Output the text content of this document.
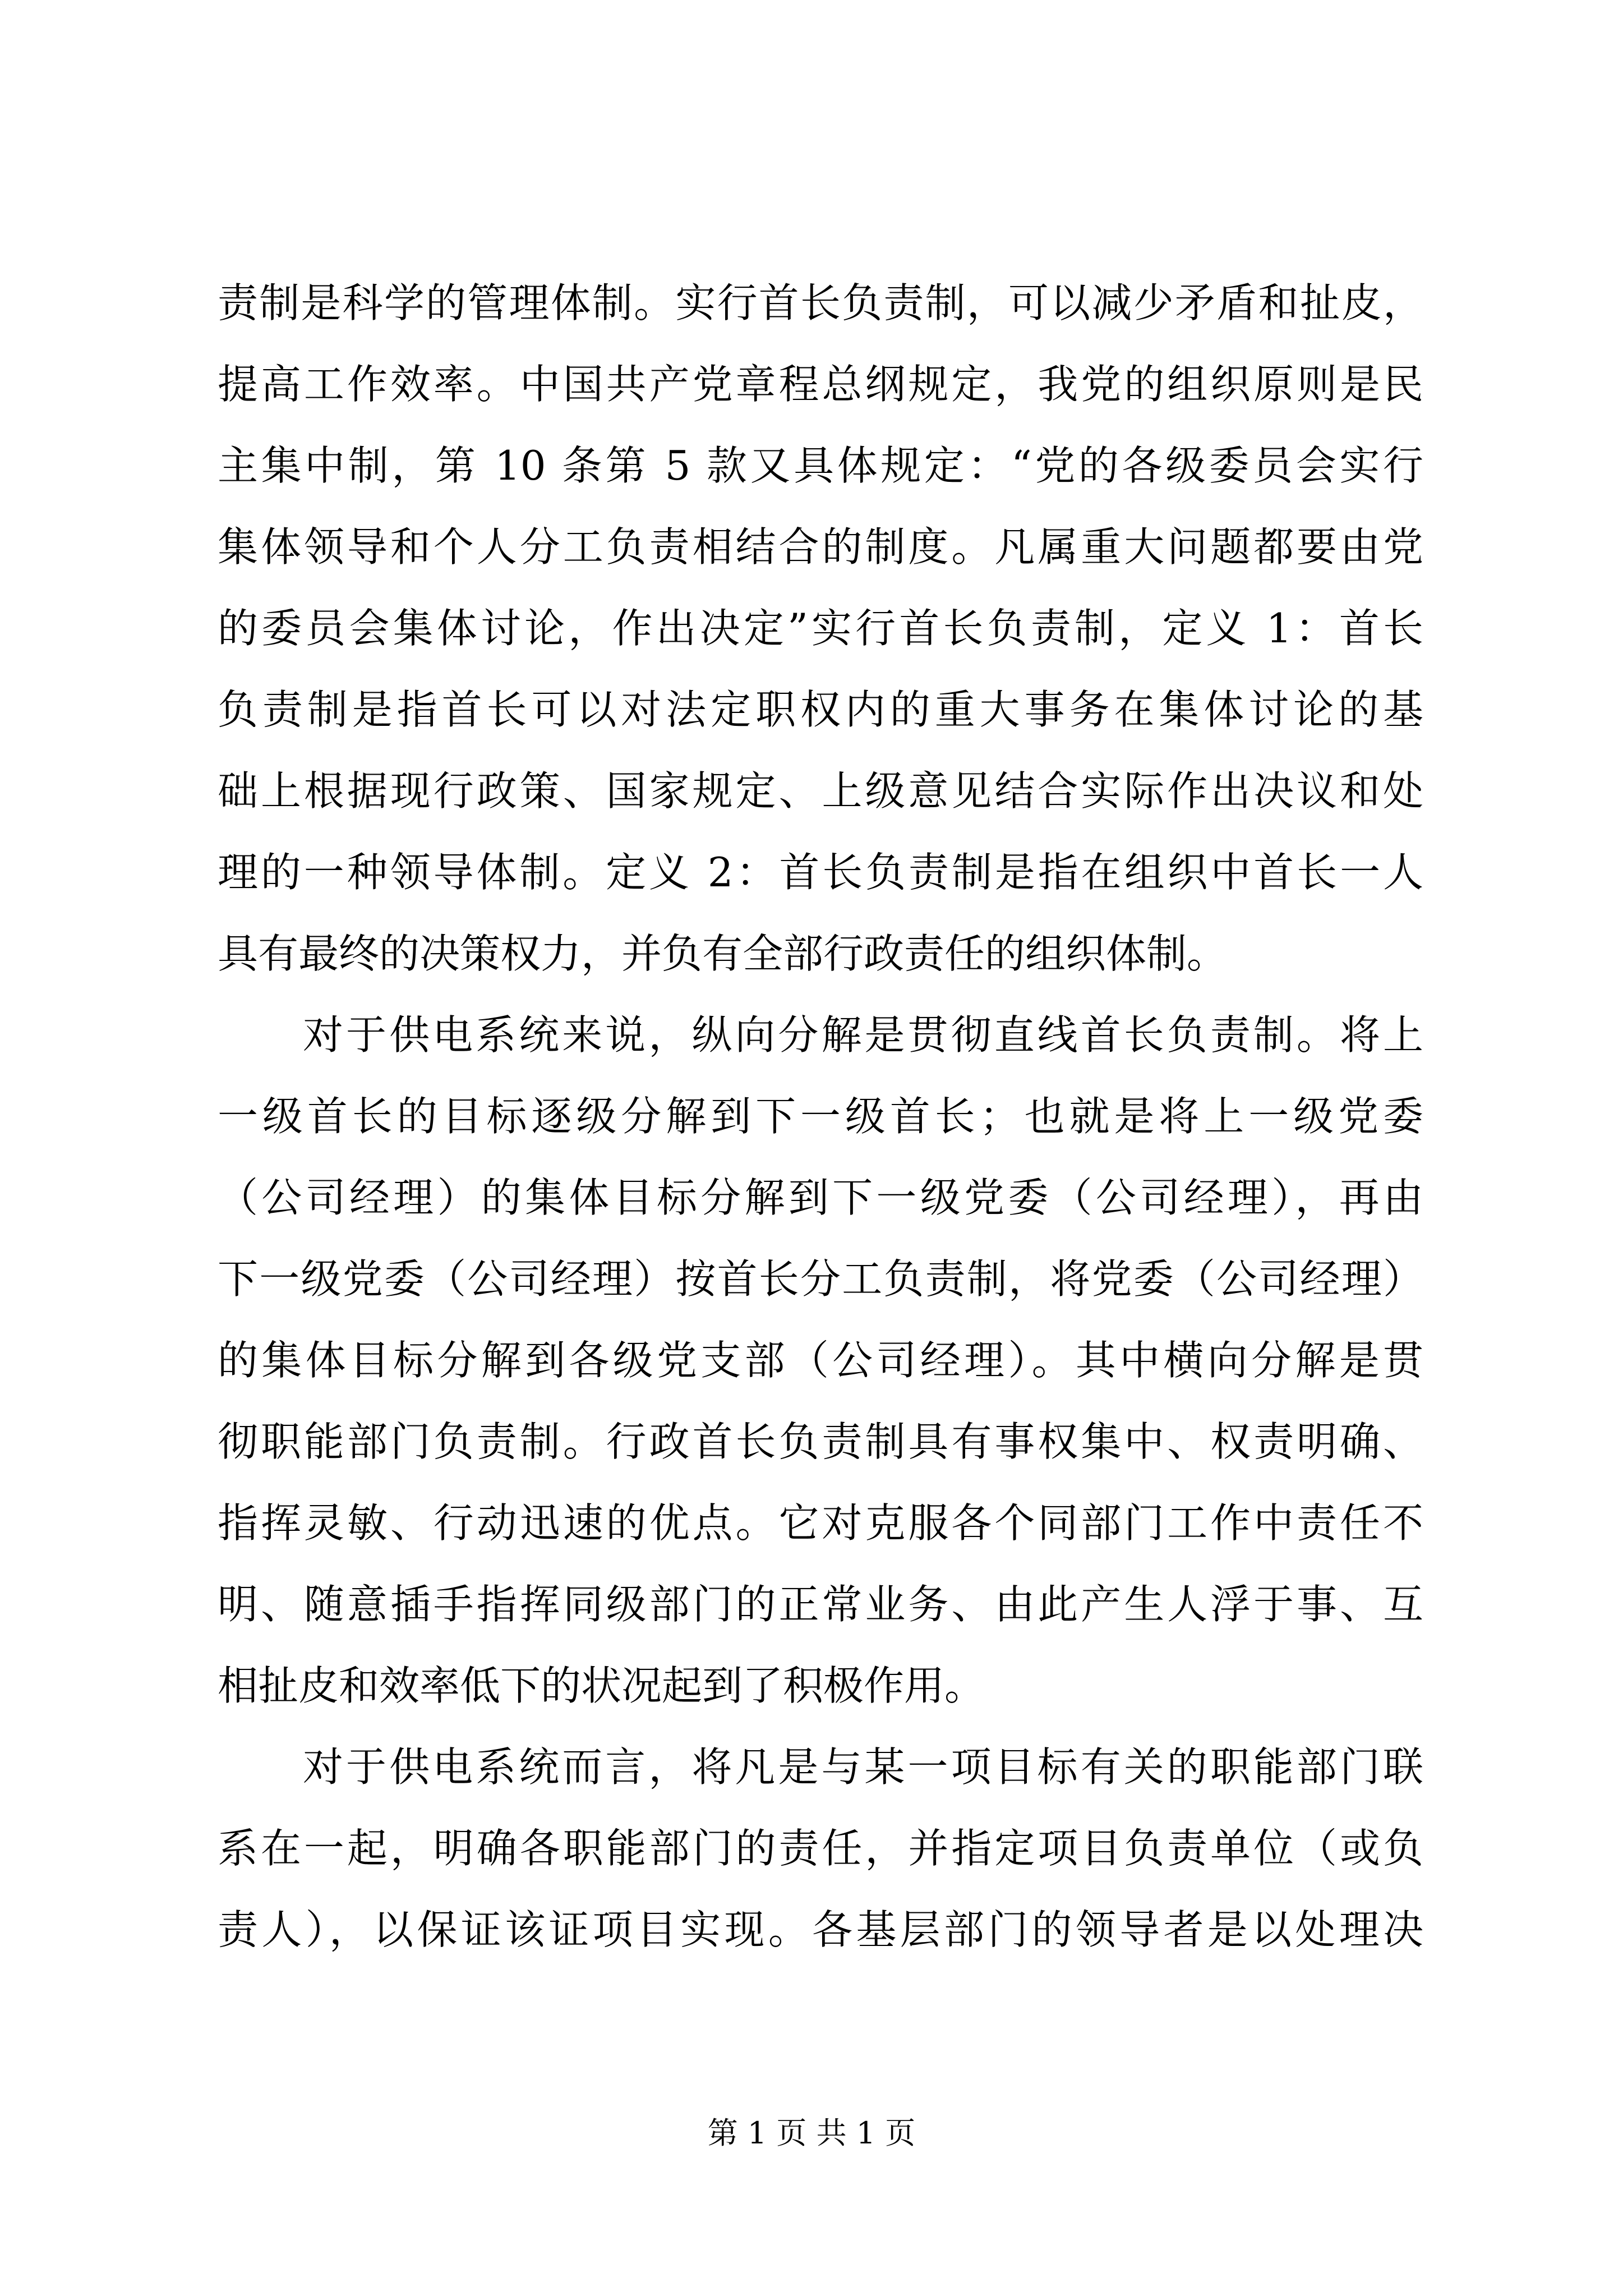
责制是科学的管理体制。实行首长负责制，可以减少矛盾和扯皮，
提高工作效率。中国共产党章程总纲规定，我党的组织原则是民
主集中制，第 10 条第 5 款又具体规定：“党的各级委员会实行
集体领导和个人分工负责相结合的制度。凡属重大问题都要由党
的委员会集体讨论，作出决定”实行首长负责制，定义 1：首长
负责制是指首长可以对法定职权内的重大事务在集体讨论的基
础上根据现行政策、国家规定、上级意见结合实际作出决议和处
理的一种领导体制。定义 2：首长负责制是指在组织中首长一人
具有最终的决策权力，并负有全部行政责任的组织体制。
对于供电系统来说，纵向分解是贯彻直线首长负责制。将上
一级首长的目标逐级分解到下一级首长；也就是将上一级党委
（公司经理）的集体目标分解到下一级党委（公司经理），再由
下一级党委（公司经理）按首长分工负责制，将党委（公司经理）
的集体目标分解到各级党支部（公司经理）。其中横向分解是贯
彻职能部门负责制。行政首长负责制具有事权集中、权责明确、
指挥灵敏、行动迅速的优点。它对克服各个同部门工作中责任不
明、随意插手指挥同级部门的正常业务、由此产生人浮于事、互
相扯皮和效率低下的状况起到了积极作用。
对于供电系统而言，将凡是与某一项目标有关的职能部门联
系在一起，明确各职能部门的责任，并指定项目负责单位（或负
责人），以保证该证项目实现。各基层部门的领导者是以处理决
第 1 页 共 1 页
